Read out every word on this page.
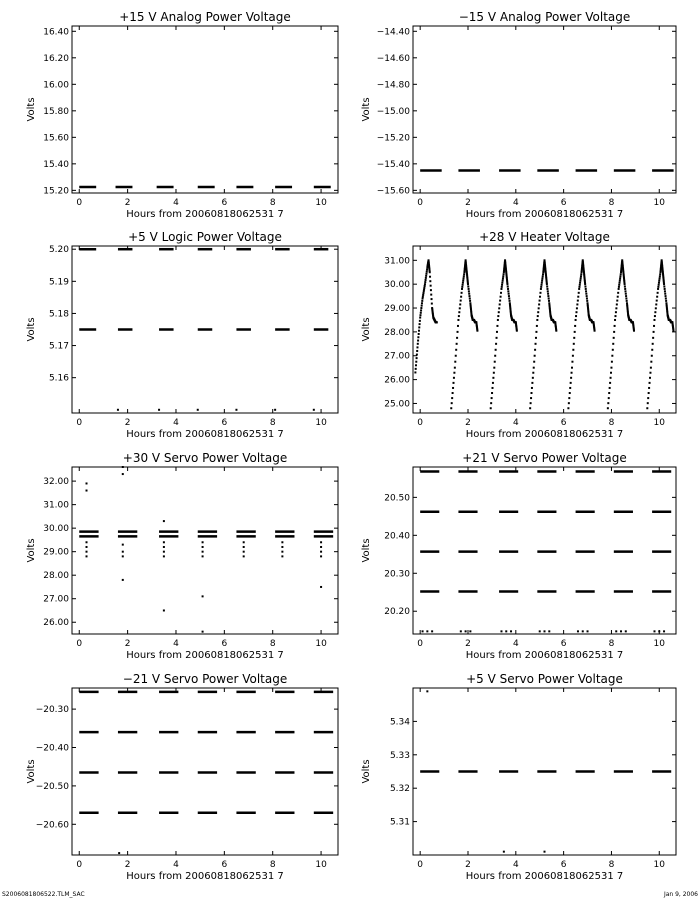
+15 V Analog Power Voltage
0	2	4	6	8	10
15.20
15.40
15.60
15.80
16.00
16.20
16.40
Hours from 20060818062531 7
Volts
−15 V Analog Power Voltage
0	2	4	6	8	10
−15.60
−15.40
−15.20
−15.00
−14.80
−14.60
−14.40
Hours from 20060818062531 7
Volts
+5 V Logic Power Voltage
0	2	4	6	8	10
5.16
5.17
5.18
5.19
5.20
Hours from 20060818062531 7
Volts
+28 V Heater Voltage
0	2	4	6	8	10
25.00
26.00
27.00
28.00
29.00
30.00
31.00
Hours from 20060818062531 7
Volts
+30 V Servo Power Voltage
0	2	4	6	8	10
26.00
27.00
28.00
29.00
30.00
31.00
32.00
Hours from 20060818062531 7
Volts
+21 V Servo Power Voltage
0	2	4	6	8	10
20.20
20.30
20.40
20.50
Hours from 20060818062531 7
Volts
−21 V Servo Power Voltage
0	2	4	6	8	10
−20.60
−20.50
−20.40
−20.30
Hours from 20060818062531 7
Volts
+5 V Servo Power Voltage
0	2	4	6	8	10
5.31
5.32
5.33
5.34
Hours from 20060818062531 7
Volts
S2006081806522.TLM_SAC	Jan 9, 2006
